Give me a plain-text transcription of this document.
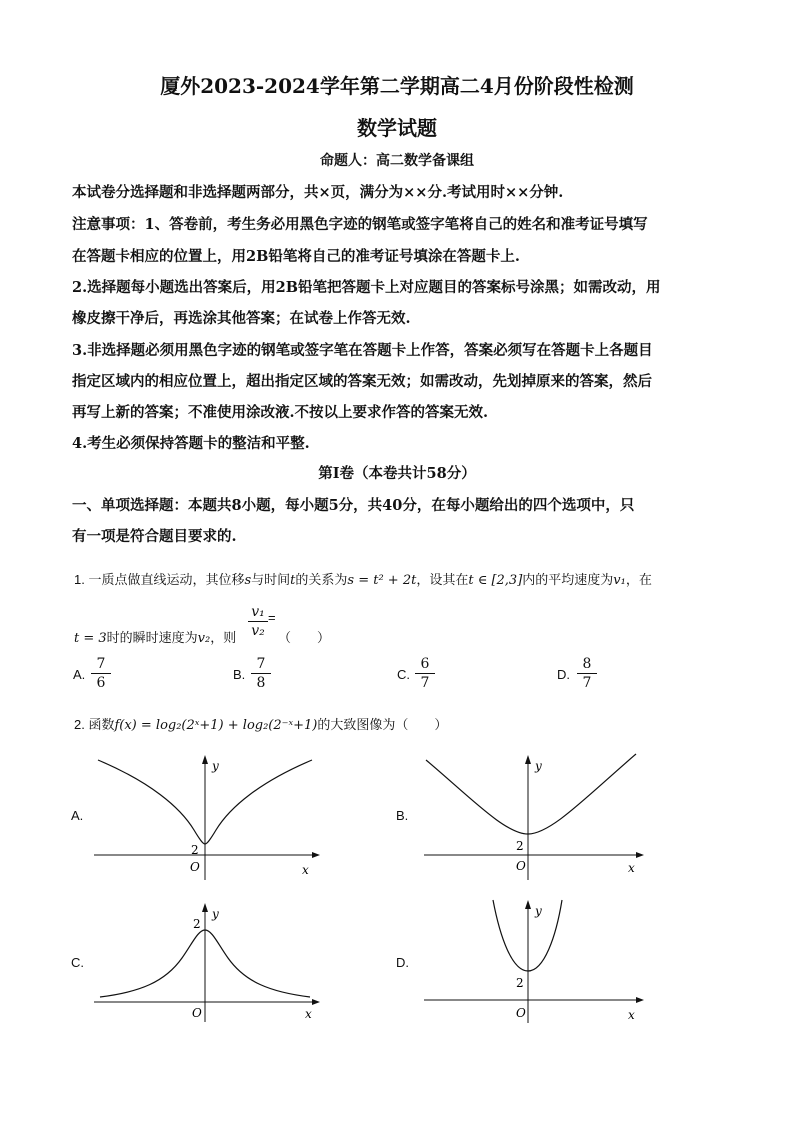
厦外2023-2024学年第二学期高二4月份阶段性检测
数学试题
命题人：高二数学备课组
本试卷分选择题和非选择题两部分，共×页，满分为××分.考试用时××分钟.
注意事项：1、答卷前，考生务必用黑色字迹的钢笔或签字笔将自己的姓名和准考证号填写
在答题卡相应的位置上，用2B铅笔将自己的准考证号填涂在答题卡上.
2.选择题每小题选出答案后，用2B铅笔把答题卡上对应题目的答案标号涂黑；如需改动，用
橡皮擦干净后，再选涂其他答案；在试卷上作答无效.
3.非选择题必须用黑色字迹的钢笔或签字笔在答题卡上作答，答案必须写在答题卡上各题目
指定区域内的相应位置上，超出指定区域的答案无效；如需改动，先划掉原来的答案，然后
再写上新的答案；不准使用涂改液.不按以上要求作答的答案无效.
4.考生必须保持答题卡的整洁和平整.
第Ⅰ卷（本卷共计58分）
一、单项选择题：本题共8小题，每小题5分，共40分，在每小题给出的四个选项中，只
有一项是符合题目要求的.
1. 一质点做直线运动，其位移s与时间t的关系为s = t² + 2t，设其在t ∈ [2,3]内的平均速度为v₁，在
t = 3时的瞬时速度为v₂，则 $\frac{\text{v₁}}{\text{v₂}}$ =
（　　）
A. $\frac{7}{6}$	B. $\frac{7}{8}$	C. $\frac{6}{7}$	D. $\frac{8}{7}$
2. 函数f(x) = log₂(2ˣ+1) + log₂(2⁻ˣ+1)的大致图像为（　　）
A.	B.
C.	D.
y
x
O
2
y
x
O
2
y
x
O
2
y
x
O
2
